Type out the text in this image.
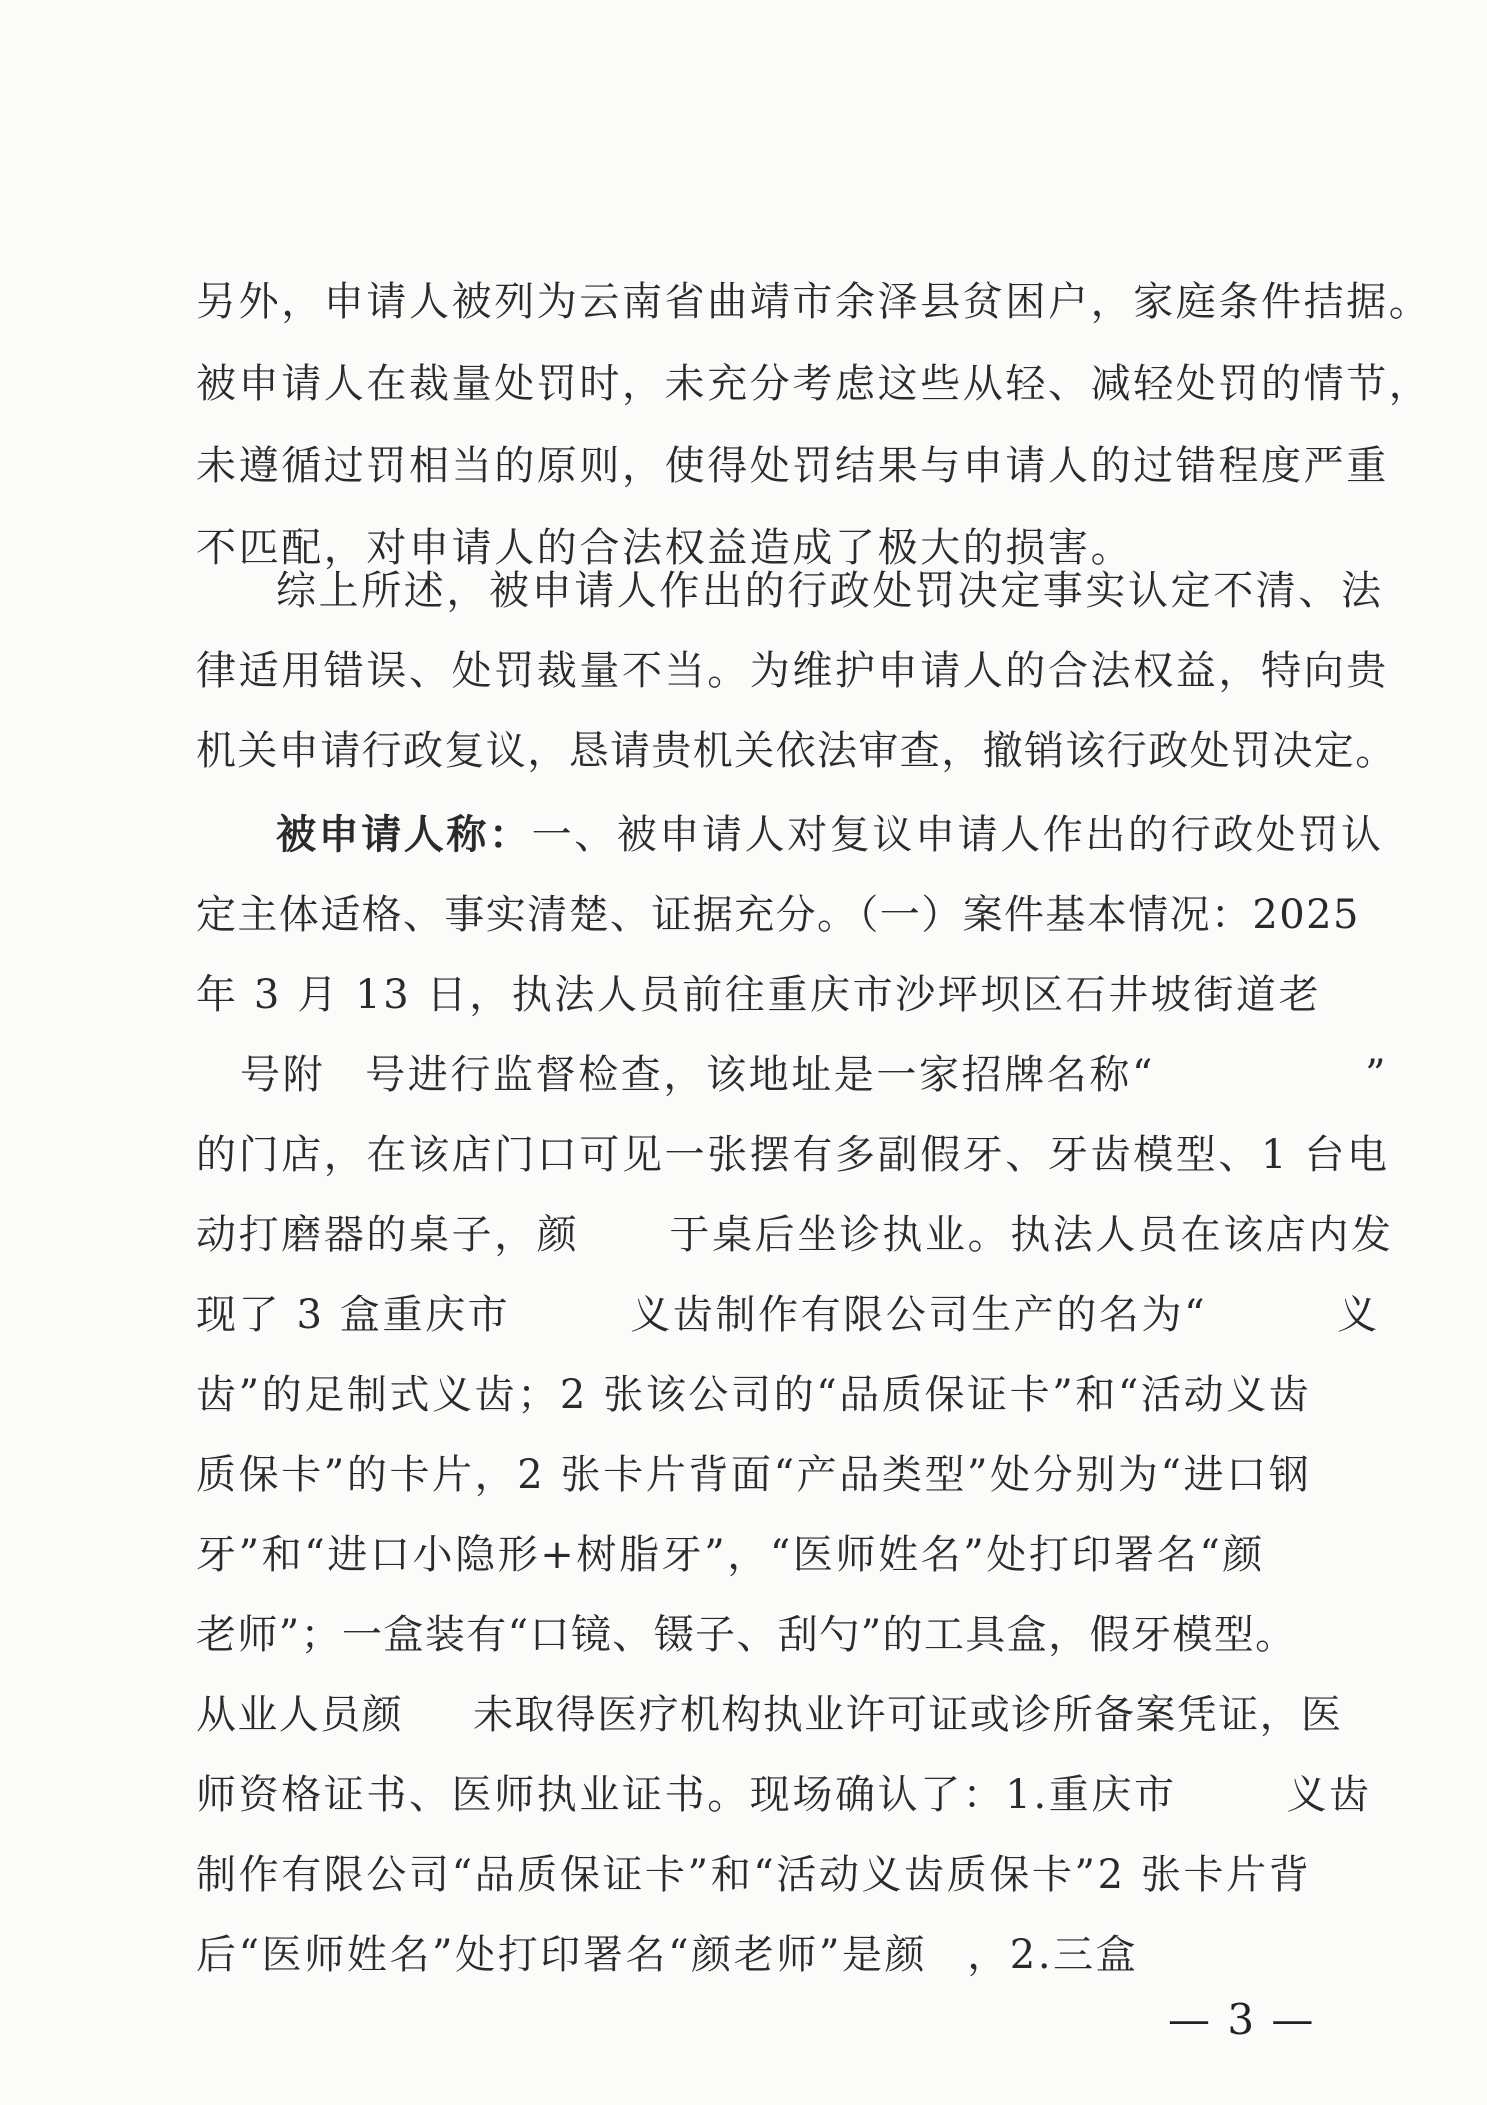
另外，申请人被列为云南省曲靖市余泽县贫困户，家庭条件拮据。
被申请人在裁量处罚时，未充分考虑这些从轻、减轻处罚的情节，
未遵循过罚相当的原则，使得处罚结果与申请人的过错程度严重
不匹配，对申请人的合法权益造成了极大的损害。
综上所述，被申请人作出的行政处罚决定事实认定不清、法
律适用错误、处罚裁量不当。为维护申请人的合法权益，特向贵
机关申请行政复议，恳请贵机关依法审查，撤销该行政处罚决定。
被申请人称：一、被申请人对复议申请人作出的行政处罚认
定主体适格、事实清楚、证据充分。（一）案件基本情况：2025
年 3 月 13 日，执法人员前往重庆市沙坪坝区石井坡街道老
号附 号进行监督检查，该地址是一家招牌名称“	”
的门店，在该店门口可见一张摆有多副假牙、牙齿模型、1 台电
动打磨器的桌子，颜 于桌后坐诊执业。执法人员在该店内发
现了 3 盒重庆市	义齿制作有限公司生产的名为“	义
齿”的足制式义齿；2 张该公司的“品质保证卡”和“活动义齿
质保卡”的卡片，2 张卡片背面“产品类型”处分别为“进口钢
牙”和“进口小隐形+树脂牙”，“医师姓名”处打印署名“颜
老师”；一盒装有“口镜、镊子、刮勺”的工具盒，假牙模型。
从业人员颜 未取得医疗机构执业许可证或诊所备案凭证，医
师资格证书、医师执业证书。现场确认了：1.重庆市	义齿
制作有限公司“品质保证卡”和“活动义齿质保卡”2 张卡片背
后“医师姓名”处打印署名“颜老师”是颜 ，2.三盒
— 3 —
